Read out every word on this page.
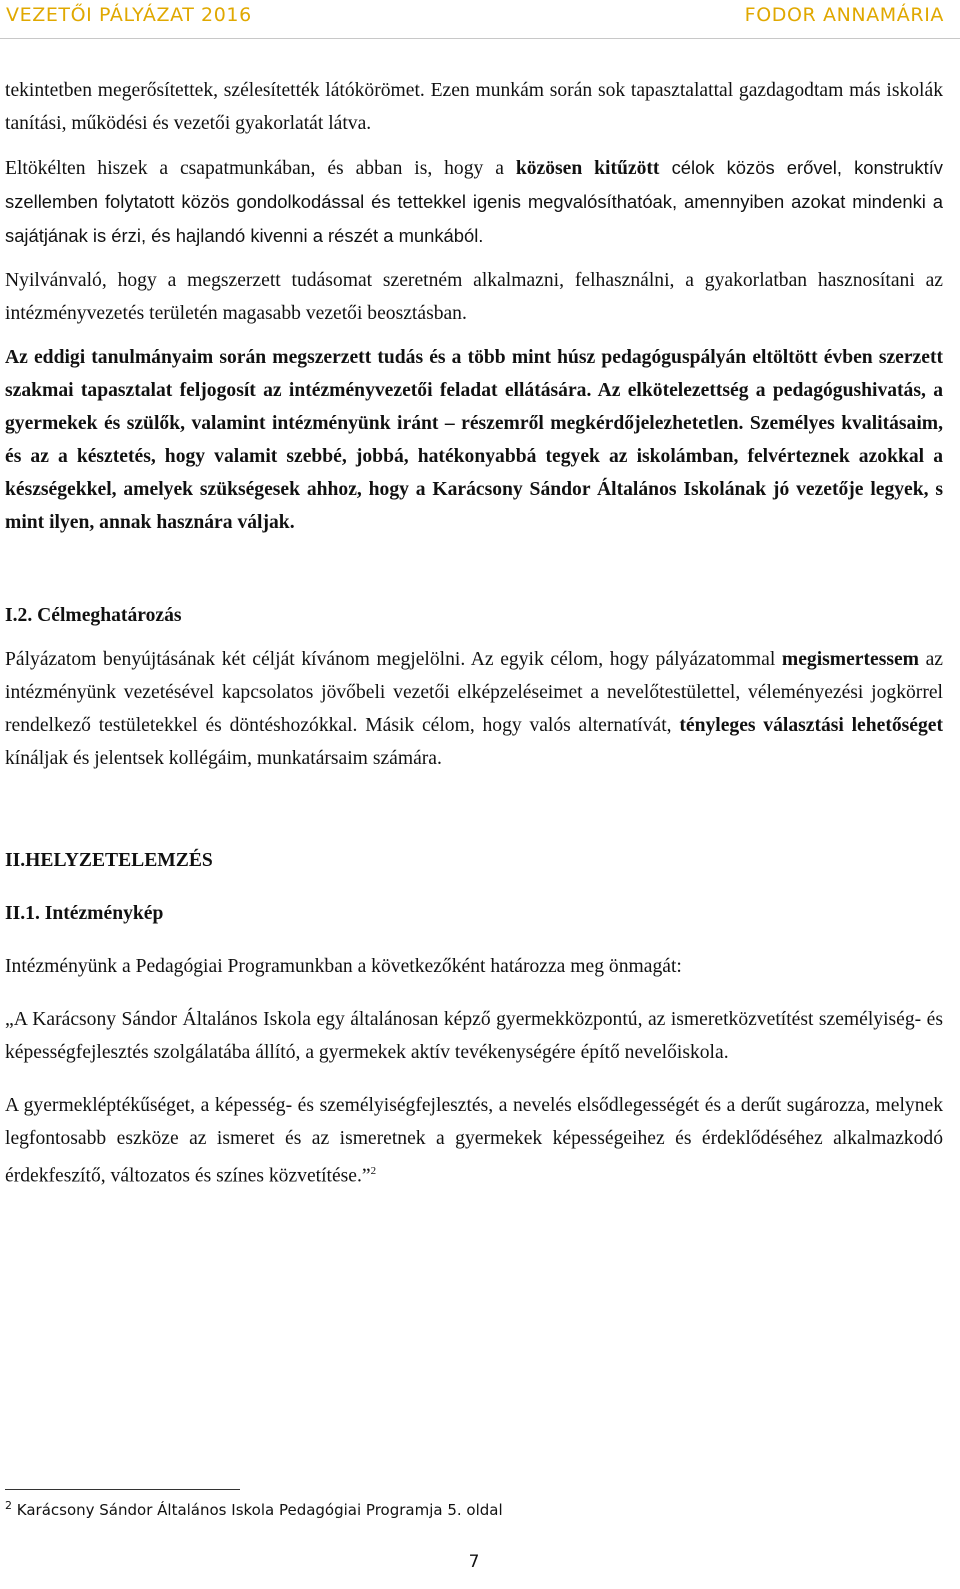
VEZETŐI PÁLYÁZAT 2016	FODOR ANNAMÁRIA

tekintetben megerősítettek, szélesítették látókörömet. Ezen munkám során sok tapasztalattal gazdagodtam más iskolák tanítási, működési és vezetői gyakorlatát látva.

Eltökélten hiszek a csapatmunkában, és abban is, hogy a közösen kitűzött célok közös erővel, konstruktív szellemben folytatott közös gondolkodással és tettekkel igenis megvalósíthatóak, amennyiben azokat mindenki a sajátjának is érzi, és hajlandó kivenni a részét a munkából.

Nyilvánvaló, hogy a megszerzett tudásomat szeretném alkalmazni, felhasználni, a gyakorlatban hasznosítani az intézményvezetés területén magasabb vezetői beosztásban.

Az eddigi tanulmányaim során megszerzett tudás és a több mint húsz pedagóguspályán eltöltött évben szerzett szakmai tapasztalat feljogosít az intézményvezetői feladat ellátására. Az elkötelezettség a pedagógushivatás, a gyermekek és szülők, valamint intézményünk iránt – részemről megkérdőjelezhetetlen. Személyes kvalitásaim, és az a késztetés, hogy valamit szebbé, jobbá, hatékonyabbá tegyek az iskolámban, felvérteznek azokkal a készségekkel, amelyek szükségesek ahhoz, hogy a Karácsony Sándor Általános Iskolának jó vezetője legyek, s mint ilyen, annak hasznára váljak.

I.2. Célmeghatározás

Pályázatom benyújtásának két célját kívánom megjelölni. Az egyik célom, hogy pályázatommal megismertessem az intézményünk vezetésével kapcsolatos jövőbeli vezetői elképzeléseimet a nevelőtestülettel, véleményezési jogkörrel rendelkező testületekkel és döntéshozókkal. Másik célom, hogy valós alternatívát, tényleges választási lehetőséget kínáljak és jelentsek kollégáim, munkatársaim számára.

II.HELYZETELEMZÉS

II.1. Intézménykép

Intézményünk a Pedagógiai Programunkban a következőként határozza meg önmagát:

„A Karácsony Sándor Általános Iskola egy általánosan képző gyermekközpontú, az ismeretközvetítést személyiség- és képességfejlesztés szolgálatába állító, a gyermekek aktív tevékenységére építő nevelőiskola.

A gyermekléptékűséget, a képesség- és személyiségfejlesztés, a nevelés elsődlegességét és a derűt sugározza, melynek legfontosabb eszköze az ismeret és az ismeretnek a gyermekek képességeihez és érdeklődéséhez alkalmazkodó érdekfeszítő, változatos és színes közvetítése.”$^2$

$^2$ Karácsony Sándor Általános Iskola Pedagógiai Programja 5. oldal
7
